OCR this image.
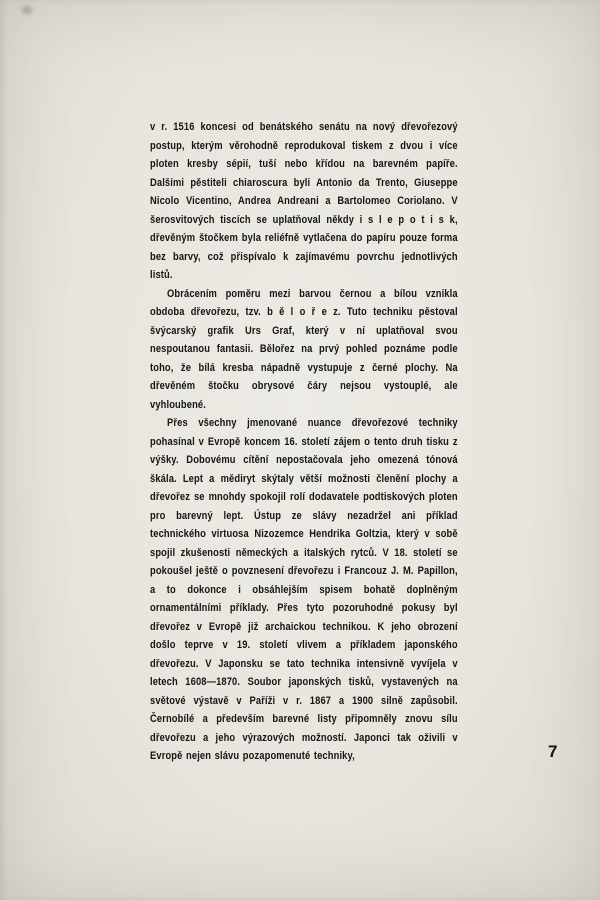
v r. 1516 koncesi od benátského senátu na nový dřevořezový postup, kterým věrohodně reprodukoval tiskem z dvou i více ploten kresby sépií, tuší nebo křídou na barevném papíře. Dalšími pěstiteli chiaroscura byli Antonio da Trento, Giuseppe Nicolo Vicentino, Andrea Andreani a Bartolomeo Coriolano. V šerosvitových tiscích se uplatňoval někdy i s l e p o t i s k, dřevěným štočkem byla reliéfně vytlačena do papíru pouze forma bez barvy, což přispívalo k zajímavému povrchu jednotlivých listů.

Obrácením poměru mezi barvou černou a bílou vznikla obdoba dřevořezu, tzv. b ě l o ř e z. Tuto techniku pěstoval švýcarský grafik Urs Graf, který v ní uplatňoval svou nespoutanou fantasii. Bělořez na prvý pohled poznáme podle toho, že bílá kresba nápadně vystupuje z černé plochy. Na dřevěném štočku obrysové čáry nejsou vystouplé, ale vyhloubené.

Přes všechny jmenované nuance dřevořezové techniky pohasínal v Evropě koncem 16. století zájem o tento druh tisku z výšky. Dobovému cítění nepostačovala jeho omezená tónová škála. Lept a mědiryt skýtaly větší možnosti členění plochy a dřevořez se mnohdy spokojil rolí dodavatele podtiskových ploten pro barevný lept. Ústup ze slávy nezadržel ani příklad technického virtuosa Nizozemce Hendrika Goltzia, který v sobě spojil zkušenosti německých a italských rytců. V 18. století se pokoušel ještě o povznesení dřevořezu i Francouz J. M. Papillon, a to dokonce i obsáhlejším spisem bohatě doplněným ornamentálními příklady. Přes tyto pozoruhodné pokusy byl dřevořez v Evropě již archaickou technikou. K jeho obrození došlo teprve v 19. století vlivem a příkladem japonského dřevořezu. V Japonsku se tato technika intensivně vyvíjela v letech 1608—1870. Soubor japonských tisků, vystavených na světové výstavě v Paříži v r. 1867 a 1900 silně zapůsobil. Černobílé a především barevné listy připomněly znovu sílu dřevořezu a jeho výrazových možností. Japonci tak oživili v Evropě nejen slávu pozapomenuté techniky,	7
